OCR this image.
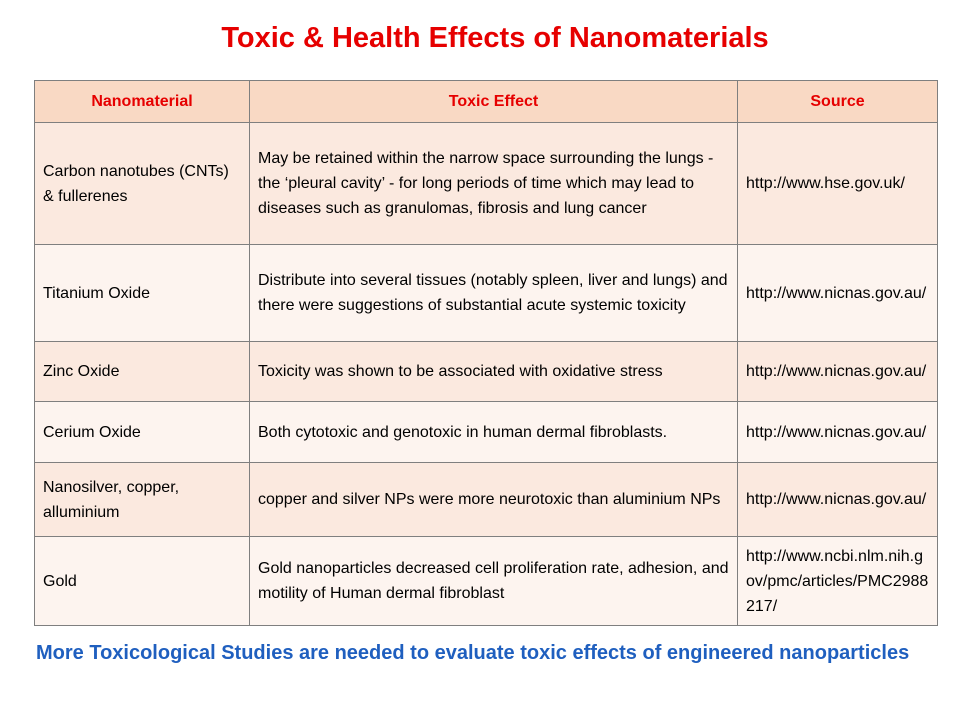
Toxic & Health Effects of Nanomaterials
Nanomaterial	Toxic Effect	Source
Carbon nanotubes (CNTs) & fullerenes	May be retained within the narrow space surrounding the lungs - the ‘pleural cavity’ - for long periods of time which may lead to diseases such as granulomas, fibrosis and lung cancer	http://www.hse.gov.uk/
Titanium Oxide	Distribute into several tissues (notably spleen, liver and lungs) and there were suggestions of substantial acute systemic toxicity	http://www.nicnas.gov.au/
Zinc Oxide	Toxicity was shown to be associated with oxidative stress	http://www.nicnas.gov.au/
Cerium Oxide	Both cytotoxic and genotoxic in human dermal fibroblasts.	http://www.nicnas.gov.au/
Nanosilver, copper, alluminium	copper and silver NPs were more neurotoxic than aluminium NPs	http://www.nicnas.gov.au/
Gold	Gold nanoparticles decreased cell proliferation rate, adhesion, and motility of Human dermal fibroblast	http://www.ncbi.nlm.nih.gov/pmc/articles/PMC2988217/
More Toxicological Studies are needed to evaluate toxic effects of engineered nanoparticles
